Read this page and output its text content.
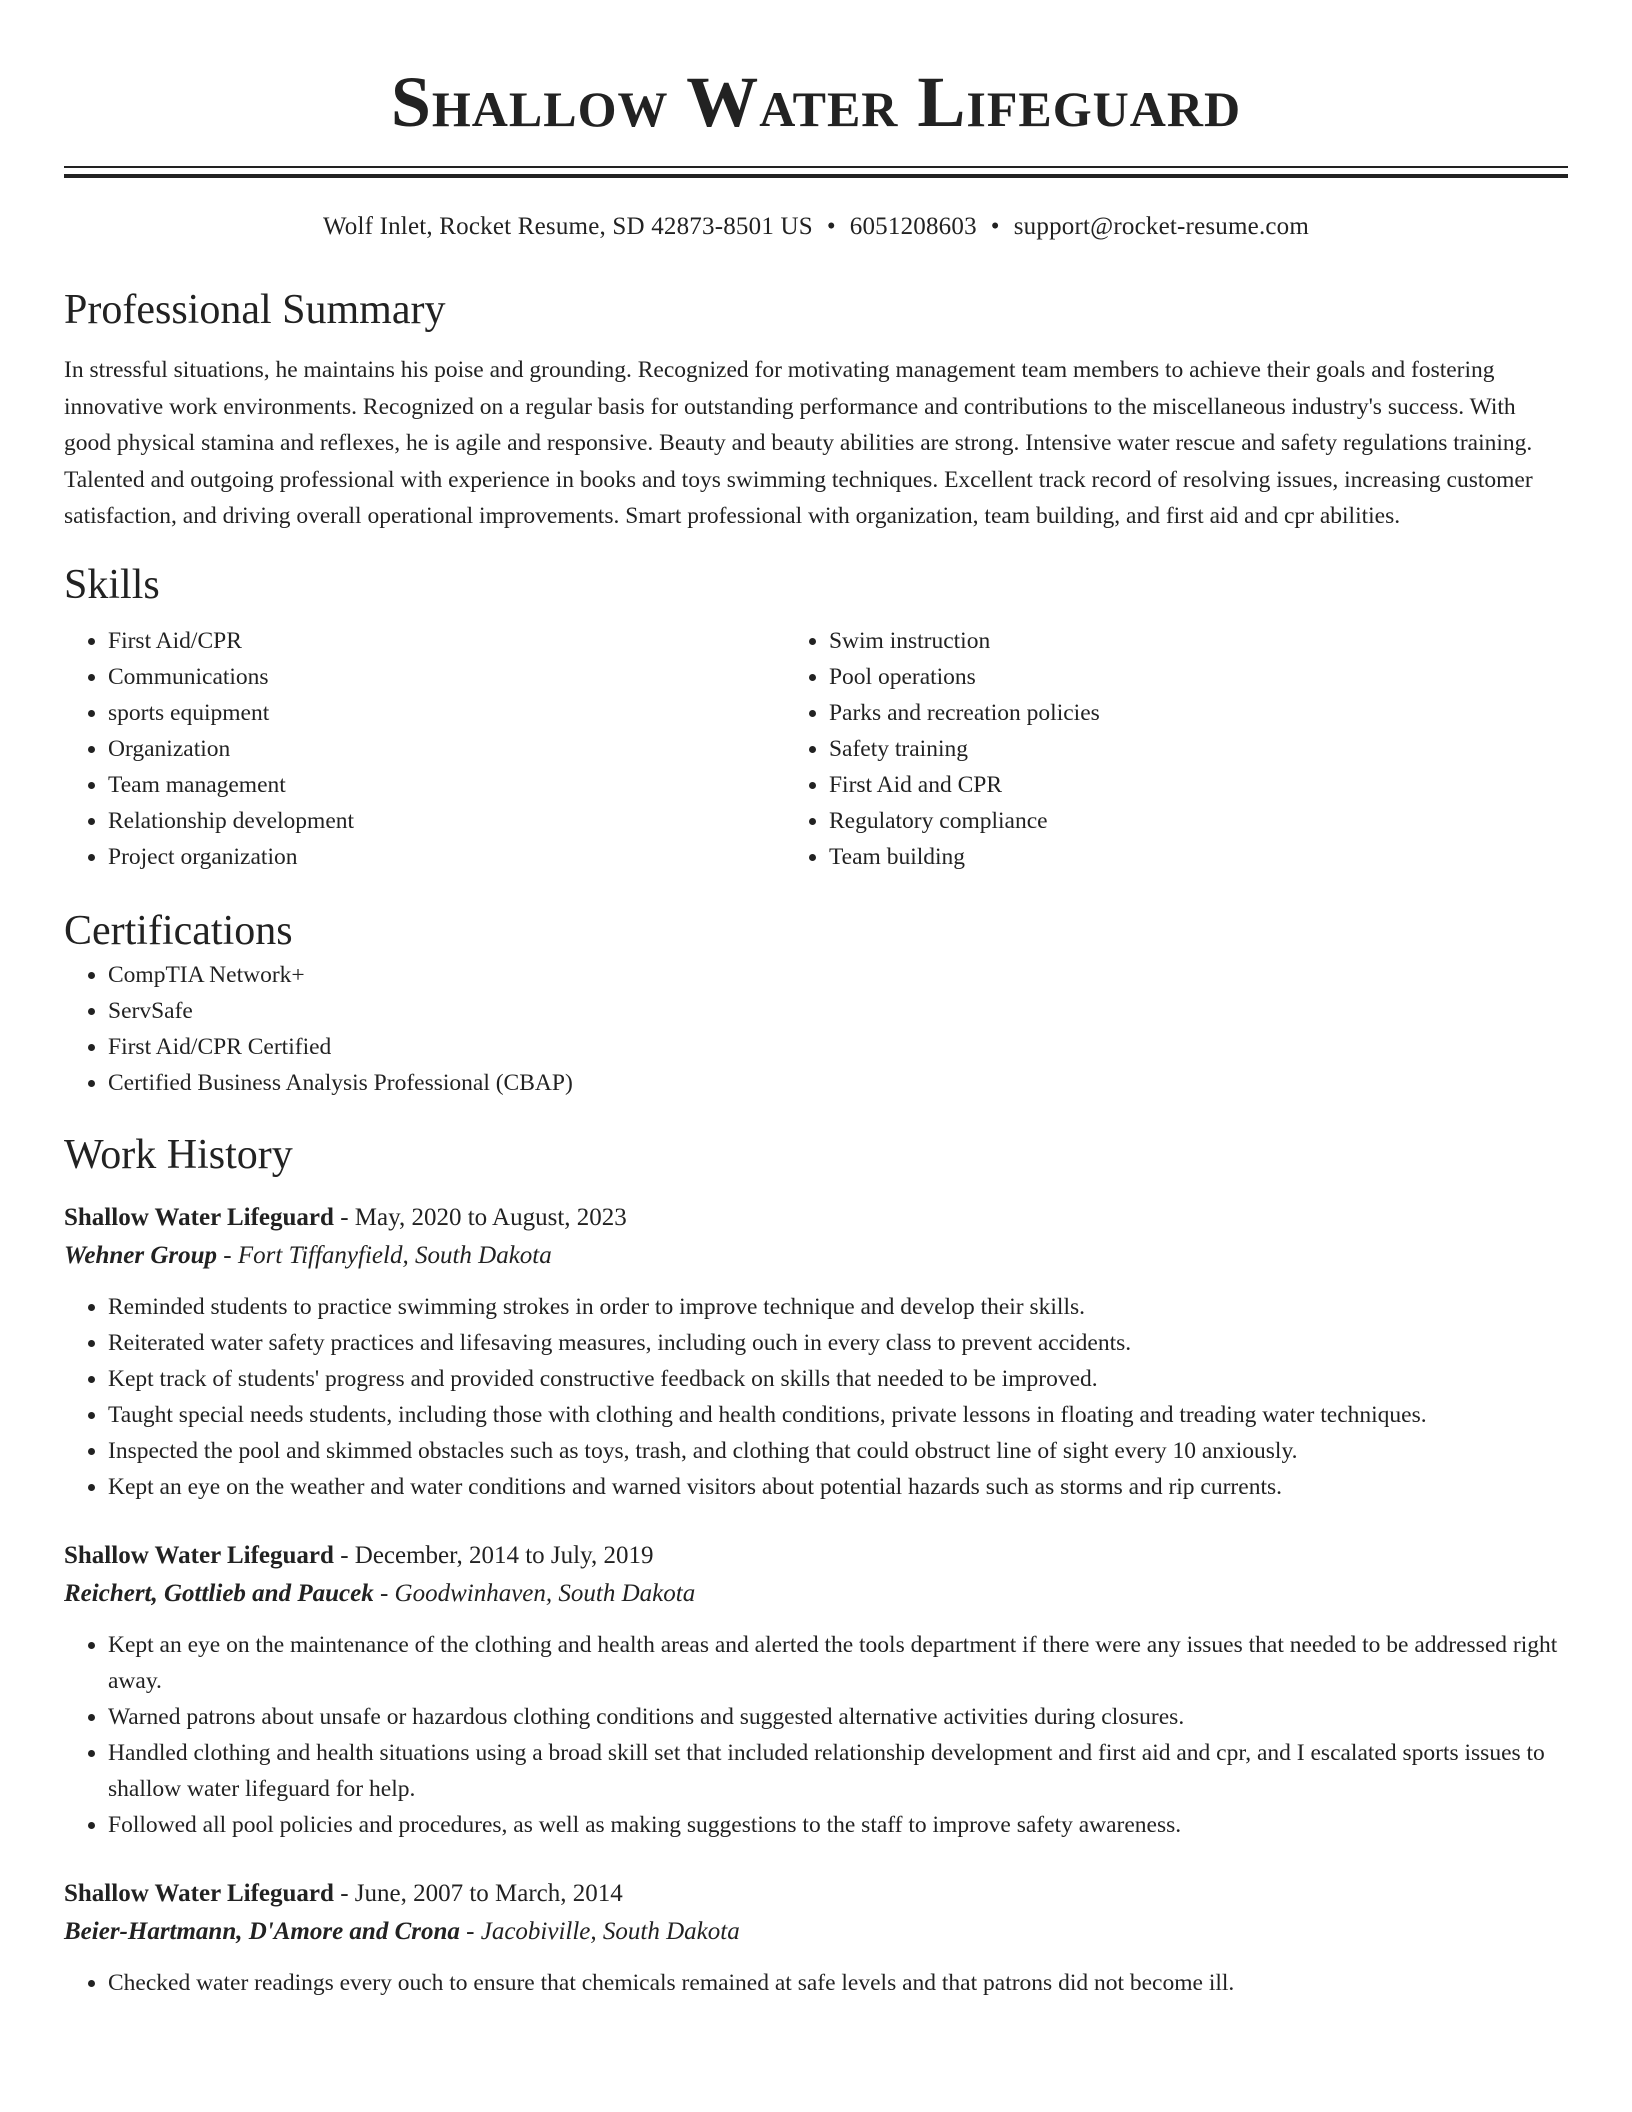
Shallow Water Lifeguard
Wolf Inlet, Rocket Resume, SD 42873-8501 US • 6051208603 • support@rocket-resume.com
Professional Summary

In stressful situations, he maintains his poise and grounding. Recognized for motivating management team members to achieve their goals and fostering innovative work environments. Recognized on a regular basis for outstanding performance and contributions to the miscellaneous industry's success. With good physical stamina and reflexes, he is agile and responsive. Beauty and beauty abilities are strong. Intensive water rescue and safety regulations training. Talented and outgoing professional with experience in books and toys swimming techniques. Excellent track record of resolving issues, increasing customer satisfaction, and driving overall operational improvements. Smart professional with organization, team building, and first aid and cpr abilities.

Skills
• First Aid/CPR
• Communications
• sports equipment
• Organization
• Team management
• Relationship development
• Project organization
• Swim instruction
• Pool operations
• Parks and recreation policies
• Safety training
• First Aid and CPR
• Regulatory compliance
• Team building
Certifications
• CompTIA Network+
• ServSafe
• First Aid/CPR Certified
• Certified Business Analysis Professional (CBAP)
Work History
Shallow Water Lifeguard - May, 2020 to August, 2023
Wehner Group - Fort Tiffanyfield, South Dakota
• Reminded students to practice swimming strokes in order to improve technique and develop their skills.
• Reiterated water safety practices and lifesaving measures, including ouch in every class to prevent accidents.
• Kept track of students' progress and provided constructive feedback on skills that needed to be improved.
• Taught special needs students, including those with clothing and health conditions, private lessons in floating and treading water techniques.
• Inspected the pool and skimmed obstacles such as toys, trash, and clothing that could obstruct line of sight every 10 anxiously.
• Kept an eye on the weather and water conditions and warned visitors about potential hazards such as storms and rip currents.
Shallow Water Lifeguard - December, 2014 to July, 2019
Reichert, Gottlieb and Paucek - Goodwinhaven, South Dakota
• Kept an eye on the maintenance of the clothing and health areas and alerted the tools department if there were any issues that needed to be addressed right away.
• Warned patrons about unsafe or hazardous clothing conditions and suggested alternative activities during closures.
• Handled clothing and health situations using a broad skill set that included relationship development and first aid and cpr, and I escalated sports issues to shallow water lifeguard for help.
• Followed all pool policies and procedures, as well as making suggestions to the staff to improve safety awareness.
Shallow Water Lifeguard - June, 2007 to March, 2014
Beier-Hartmann, D'Amore and Crona - Jacobiville, South Dakota
• Checked water readings every ouch to ensure that chemicals remained at safe levels and that patrons did not become ill.
